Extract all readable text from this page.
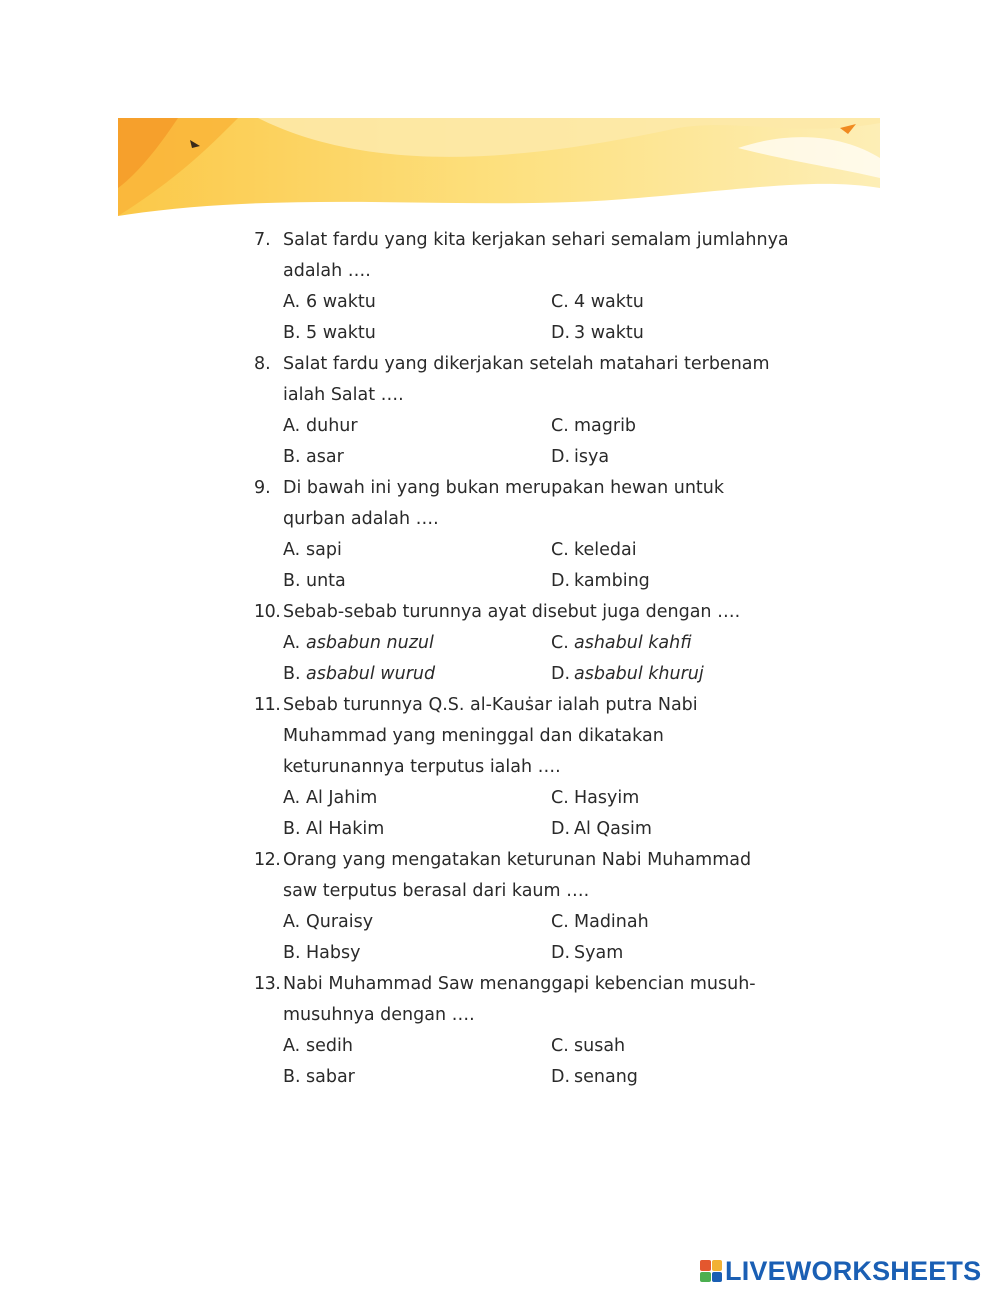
7. Salat fardu yang kita kerjakan sehari semalam jumlahnya
adalah ….
A. 6 waktu	C. 4 waktu
B. 5 waktu	D. 3 waktu
8. Salat fardu yang dikerjakan setelah matahari terbenam
ialah Salat ….
A. duhur	C. magrib
B. asar	D. isya
9. Di bawah ini yang bukan merupakan hewan untuk
qurban adalah ….
A. sapi	C. keledai
B. unta	D. kambing
10. Sebab-sebab turunnya ayat disebut juga dengan ….
A. asbabun nuzul	C. ashabul kahfi
B. asbabul wurud	D. asbabul khuruj
11. Sebab turunnya Q.S. al-Kauṡar ialah putra Nabi
Muhammad yang meninggal dan dikatakan
keturunannya terputus ialah ….
A. Al Jahim	C. Hasyim
B. Al Hakim	D. Al Qasim
12. Orang yang mengatakan keturunan Nabi Muhammad
saw terputus berasal dari kaum ….
A. Quraisy	C. Madinah
B. Habsy	D. Syam
13. Nabi Muhammad Saw menanggapi kebencian musuh-
musuhnya dengan ….
A. sedih	C. susah
B. sabar	D. senang
LIVEWORKSHEETS
